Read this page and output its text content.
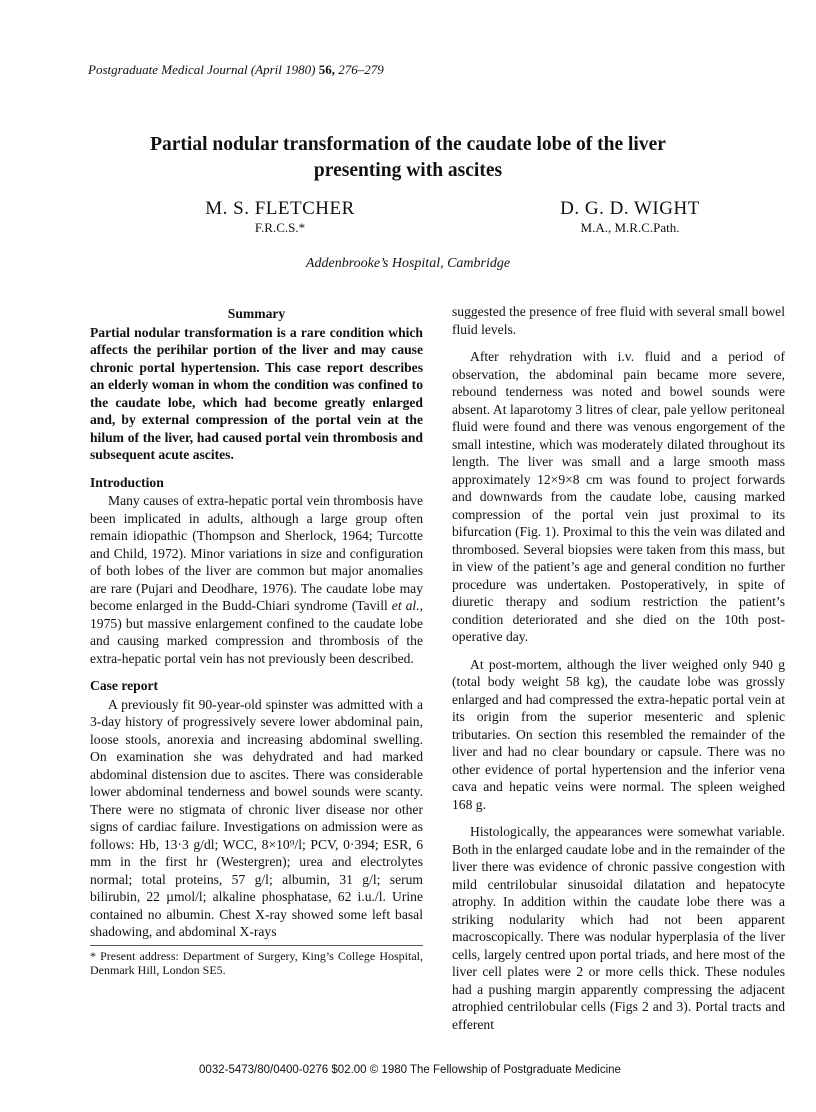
Postgraduate Medical Journal (April 1980) 56, 276–279
Partial nodular transformation of the caudate lobe of the liver
presenting with ascites
M. S. FLETCHER
F.R.C.S.*
D. G. D. WIGHT
M.A., M.R.C.Path.
Addenbrooke’s Hospital, Cambridge
Summary

Partial nodular transformation is a rare condition which affects the perihilar portion of the liver and may cause chronic portal hypertension. This case report describes an elderly woman in whom the condition was confined to the caudate lobe, which had become greatly enlarged and, by external compression of the portal vein at the hilum of the liver, had caused portal vein thrombosis and subsequent acute ascites.

Introduction

Many causes of extra-hepatic portal vein thrombosis have been implicated in adults, although a large group often remain idiopathic (Thompson and Sherlock, 1964; Turcotte and Child, 1972). Minor variations in size and configuration of both lobes of the liver are common but major anomalies are rare (Pujari and Deodhare, 1976). The caudate lobe may become enlarged in the Budd-Chiari syndrome (Tavill et al., 1975) but massive enlargement confined to the caudate lobe and causing marked compression and thrombosis of the extra-hepatic portal vein has not previously been described.

Case report

A previously fit 90-year-old spinster was admitted with a 3-day history of progressively severe lower abdominal pain, loose stools, anorexia and increasing abdominal swelling. On examination she was dehydrated and had marked abdominal distension due to ascites. There was considerable lower abdominal tenderness and bowel sounds were scanty. There were no stigmata of chronic liver disease nor other signs of cardiac failure. Investigations on admission were as follows: Hb, 13·3 g/dl; WCC, 8×10⁹/l; PCV, 0·394; ESR, 6 mm in the first hr (Westergren); urea and electrolytes normal; total proteins, 57 g/l; albumin, 31 g/l; serum bilirubin, 22 µmol/l; alkaline phosphatase, 62 i.u./l. Urine contained no albumin. Chest X-ray showed some left basal shadowing, and abdominal X-rays

* Present address: Department of Surgery, King’s College Hospital, Denmark Hill, London SE5.

suggested the presence of free fluid with several small bowel fluid levels.

After rehydration with i.v. fluid and a period of observation, the abdominal pain became more severe, rebound tenderness was noted and bowel sounds were absent. At laparotomy 3 litres of clear, pale yellow peritoneal fluid were found and there was venous engorgement of the small intestine, which was moderately dilated throughout its length. The liver was small and a large smooth mass approximately 12×9×8 cm was found to project forwards and downwards from the caudate lobe, causing marked compression of the portal vein just proximal to its bifurcation (Fig. 1). Proximal to this the vein was dilated and thrombosed. Several biopsies were taken from this mass, but in view of the patient’s age and general condition no further procedure was undertaken. Postoperatively, in spite of diuretic therapy and sodium restriction the patient’s condition deteriorated and she died on the 10th post-operative day.

At post-mortem, although the liver weighed only 940 g (total body weight 58 kg), the caudate lobe was grossly enlarged and had compressed the extra-hepatic portal vein at its origin from the superior mesenteric and splenic tributaries. On section this resembled the remainder of the liver and had no clear boundary or capsule. There was no other evidence of portal hypertension and the inferior vena cava and hepatic veins were normal. The spleen weighed 168 g.

Histologically, the appearances were somewhat variable. Both in the enlarged caudate lobe and in the remainder of the liver there was evidence of chronic passive congestion with mild centrilobular sinusoidal dilatation and hepatocyte atrophy. In addition within the caudate lobe there was a striking nodularity which had not been apparent macroscopically. There was nodular hyperplasia of the liver cells, largely centred upon portal triads, and here most of the liver cell plates were 2 or more cells thick. These nodules had a pushing margin apparently compressing the adjacent atrophied centrilobular cells (Figs 2 and 3). Portal tracts and efferent

0032-5473/80/0400-0276 $02.00 © 1980 The Fellowship of Postgraduate Medicine
